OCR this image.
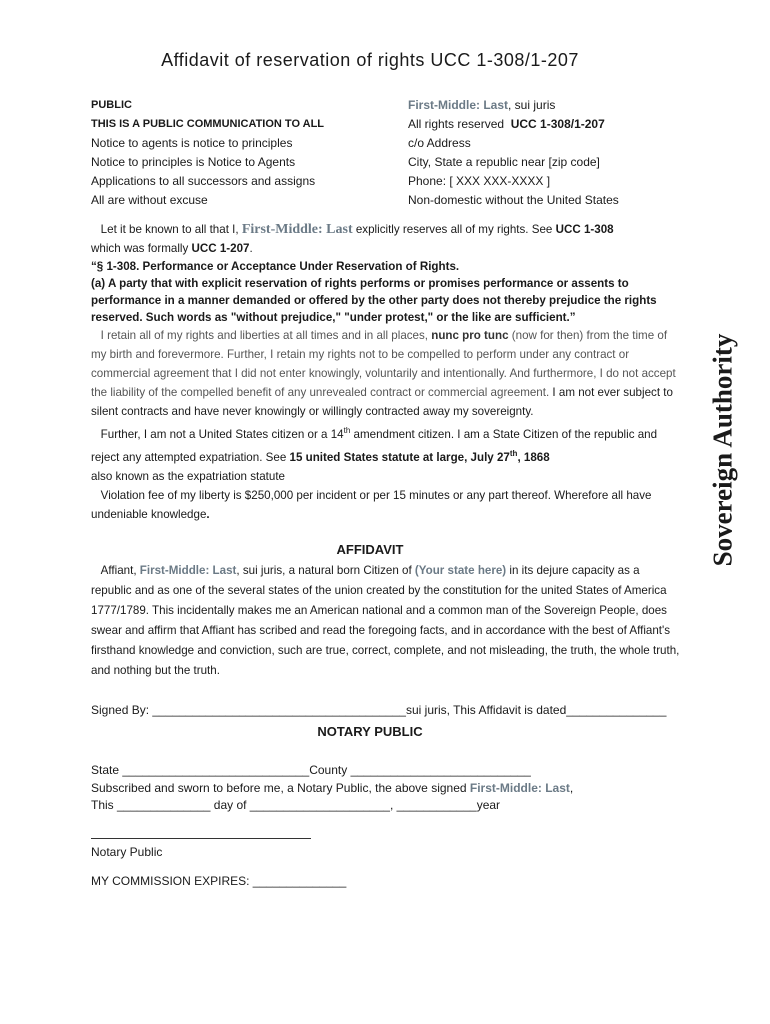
Affidavit of reservation of rights UCC 1-308/1-207
PUBLIC
THIS IS A PUBLIC COMMUNICATION TO ALL
Notice to agents is notice to principles
Notice to principles is Notice to Agents
Applications to all successors and assigns
All are without excuse
First-Middle: Last, sui juris
All rights reserved UCC 1-308/1-207
c/o Address
City, State a republic near [zip code]
Phone: [ XXX XXX-XXXX ]
Non-domestic without the United States
Let it be known to all that I, First-Middle: Last explicitly reserves all of my rights. See UCC 1-308
which was formally UCC 1-207.
“§ 1-308. Performance or Acceptance Under Reservation of Rights.
(a) A party that with explicit reservation of rights performs or promises performance or assents to performance in a manner demanded or offered by the other party does not thereby prejudice the rights reserved. Such words as "without prejudice," "under protest," or the like are sufficient.”
I retain all of my rights and liberties at all times and in all places, nunc pro tunc (now for then) from the time of my birth and forevermore. Further, I retain my rights not to be compelled to perform under any contract or commercial agreement that I did not enter knowingly, voluntarily and intentionally. And furthermore, I do not accept the liability of the compelled benefit of any unrevealed contract or commercial agreement. I am not ever subject to silent contracts and have never knowingly or willingly contracted away my sovereignty.
Further, I am not a United States citizen or a 14th amendment citizen. I am a State Citizen of the republic and reject any attempted expatriation. See 15 united States statute at large, July 27th, 1868
also known as the expatriation statute
Violation fee of my liberty is $250,000 per incident or per 15 minutes or any part thereof. Wherefore all have undeniable knowledge.
AFFIDAVIT
Affiant, First-Middle: Last, sui juris, a natural born Citizen of (Your state here) in its dejure capacity as a republic and as one of the several states of the union created by the constitution for the united States of America 1777/1789. This incidentally makes me an American national and a common man of the Sovereign People, does swear and affirm that Affiant has scribed and read the foregoing facts, and in accordance with the best of Affiant's firsthand knowledge and conviction, such are true, correct, complete, and not misleading, the truth, the whole truth, and nothing but the truth.
Signed By: ______________________________________sui juris, This Affidavit is dated_______________
NOTARY PUBLIC
State ____________________________County ___________________________
Subscribed and sworn to before me, a Notary Public, the above signed First-Middle: Last,
This ______________ day of _____________________, ____________year
Notary Public
MY COMMISSION EXPIRES: ______________
Sovereign Authority
